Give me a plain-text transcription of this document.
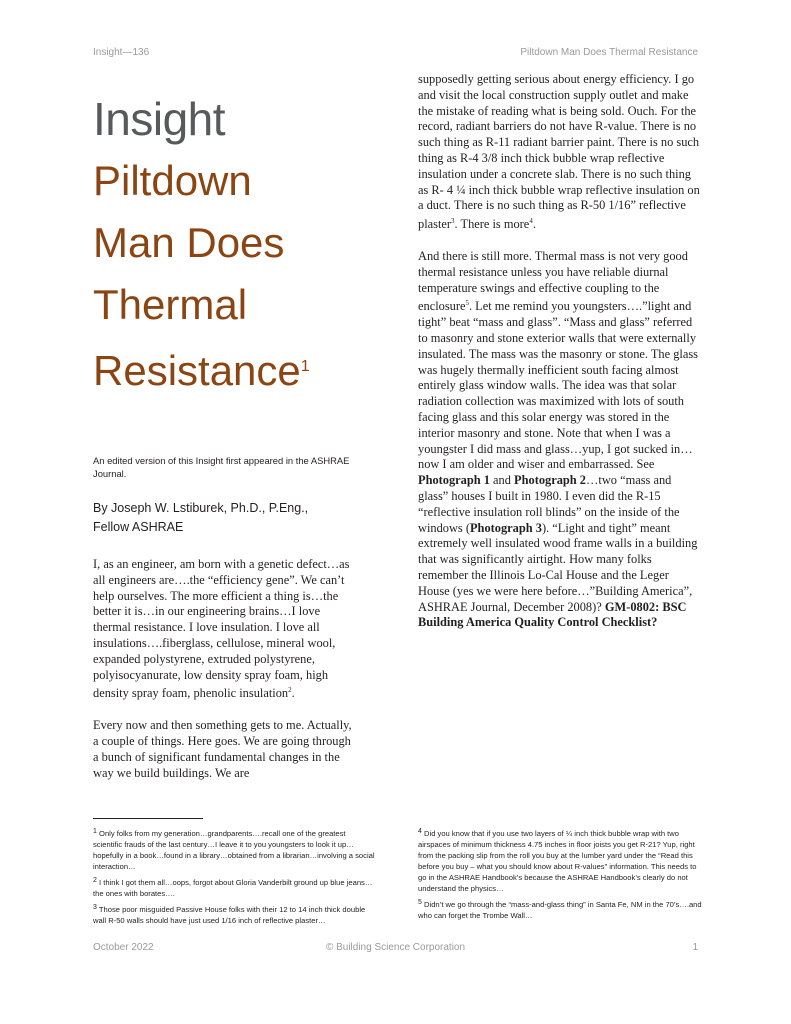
Insight—136	Piltdown Man Does Thermal Resistance
Insight
Piltdown
Man Does
Thermal
Resistance$^1$
An edited version of this Insight first appeared in the ASHRAE Journal.
By Joseph W. Lstiburek, Ph.D., P.Eng.,
Fellow ASHRAE

I, as an engineer, am born with a genetic defect…as all engineers are….the “efficiency gene”. We can’t help ourselves. The more efficient a thing is…the better it is…in our engineering brains…I love thermal resistance. I love insulation. I love all insulations….fiberglass, cellulose, mineral wool, expanded polystyrene, extruded polystyrene, polyisocyanurate, low density spray foam, high density spray foam, phenolic insulation$^2$.

Every now and then something gets to me. Actually, a couple of things. Here goes. We are going through a bunch of significant fundamental changes in the way we build buildings. We are

supposedly getting serious about energy efficiency. I go and visit the local construction supply outlet and make the mistake of reading what is being sold. Ouch. For the record, radiant barriers do not have R-value. There is no such thing as R-11 radiant barrier paint. There is no such thing as R-4 3/8 inch thick bubble wrap reflective insulation under a concrete slab. There is no such thing as R- 4 ¼ inch thick bubble wrap reflective insulation on a duct. There is no such thing as R-50 1/16” reflective plaster$^3$. There is more$^4$.

And there is still more. Thermal mass is not very good thermal resistance unless you have reliable diurnal temperature swings and effective coupling to the enclosure$^5$. Let me remind you youngsters….”light and tight” beat “mass and glass”. “Mass and glass” referred to masonry and stone exterior walls that were externally insulated. The mass was the masonry or stone. The glass was hugely thermally inefficient south facing almost entirely glass window walls. The idea was that solar radiation collection was maximized with lots of south facing glass and this solar energy was stored in the interior masonry and stone. Note that when I was a youngster I did mass and glass…yup, I got sucked in…now I am older and wiser and embarrassed. See Photograph 1 and Photograph 2…two “mass and glass” houses I built in 1980. I even did the R-15 “reflective insulation roll blinds” on the inside of the windows (Photograph 3). “Light and tight” meant extremely well insulated wood frame walls in a building that was significantly airtight. How many folks remember the Illinois Lo-Cal House and the Leger House (yes we were here before…”Building America”, ASHRAE Journal, December 2008)? GM-0802: BSC Building America Quality Control Checklist?

$^1$ Only folks from my generation…grandparents….recall one of the greatest scientific frauds of the last century…I leave it to you youngsters to look it up…hopefully in a book…found in a library…obtained from a librarian…involving a social interaction…

$^2$ I think I got them all…oops, forgot about Gloria Vanderbilt ground up blue jeans…the ones with borates….

$^3$ Those poor misguided Passive House folks with their 12 to 14 inch thick double wall R-50 walls should have just used 1/16 inch of reflective plaster…

$^4$ Did you know that if you use two layers of ¼ inch thick bubble wrap with two airspaces of minimum thickness 4.75 inches in floor joists you get R-21? Yup, right from the packing slip from the roll you buy at the lumber yard under the “Read this before you buy – what you should know about R-values” information. This needs to go in the ASHRAE Handbook’s because the ASHRAE Handbook’s clearly do not understand the physics…

$^5$ Didn’t we go through the “mass-and-glass thing” in Santa Fe, NM in the 70’s….and who can forget the Trombe Wall…

October 2022	© Building Science Corporation	1
